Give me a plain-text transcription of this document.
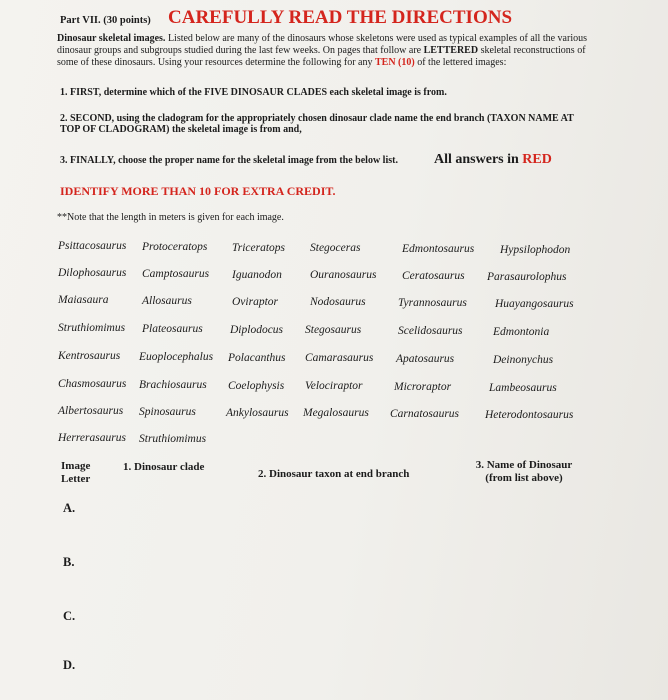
Part VII. (30 points) CAREFULLY READ THE DIRECTIONS
Dinosaur skeletal images. Listed below are many of the dinosaurs whose skeletons were used as typical examples of all the various
dinosaur groups and subgroups studied during the last few weeks. On pages that follow are LETTERED skeletal reconstructions of
some of these dinosaurs. Using your resources determine the following for any TEN (10) of the lettered images:
1. FIRST, determine which of the FIVE DINOSAUR CLADES each skeletal image is from.
2. SECOND, using the cladogram for the appropriately chosen dinosaur clade name the end branch (TAXON NAME AT
TOP OF CLADOGRAM) the skeletal image is from and,
3. FINALLY, choose the proper name for the skeletal image from the below list.	All answers in RED
IDENTIFY MORE THAN 10 FOR EXTRA CREDIT.
**Note that the length in meters is given for each image.
Psittacosaurus Protoceratops Triceratops Stegoceras	Edmontosaurus Hypsilophodon
Dilophosaurus Camptosaurus Iguanodon Ouranosaurus Ceratosaurus Parasaurolophus
Maiasaura	Allosaurus	Oviraptor	Nodosaurus	Tyrannosaurus Huayangosaurus
Struthiomimus Plateosaurus Diplodocus Stegosaurus	Scelidosaurus	Edmontonia
Kentrosaurus Euoplocephalus Polacanthus Camarasaurus Apatosaurus	Deinonychus
Chasmosaurus Brachiosaurus Coelophysis Velociraptor	Microraptor	Lambeosaurus
Albertosaurus Spinosaurus	Ankylosaurus Megalosaurus Carnatosaurus Heterodontosaurus
Herrerasaurus Struthiomimus
Image
Letter
1. Dinosaur clade
2. Dinosaur taxon at end branch
3. Name of Dinosaur
(from list above)
A.
B.
C.
D.
